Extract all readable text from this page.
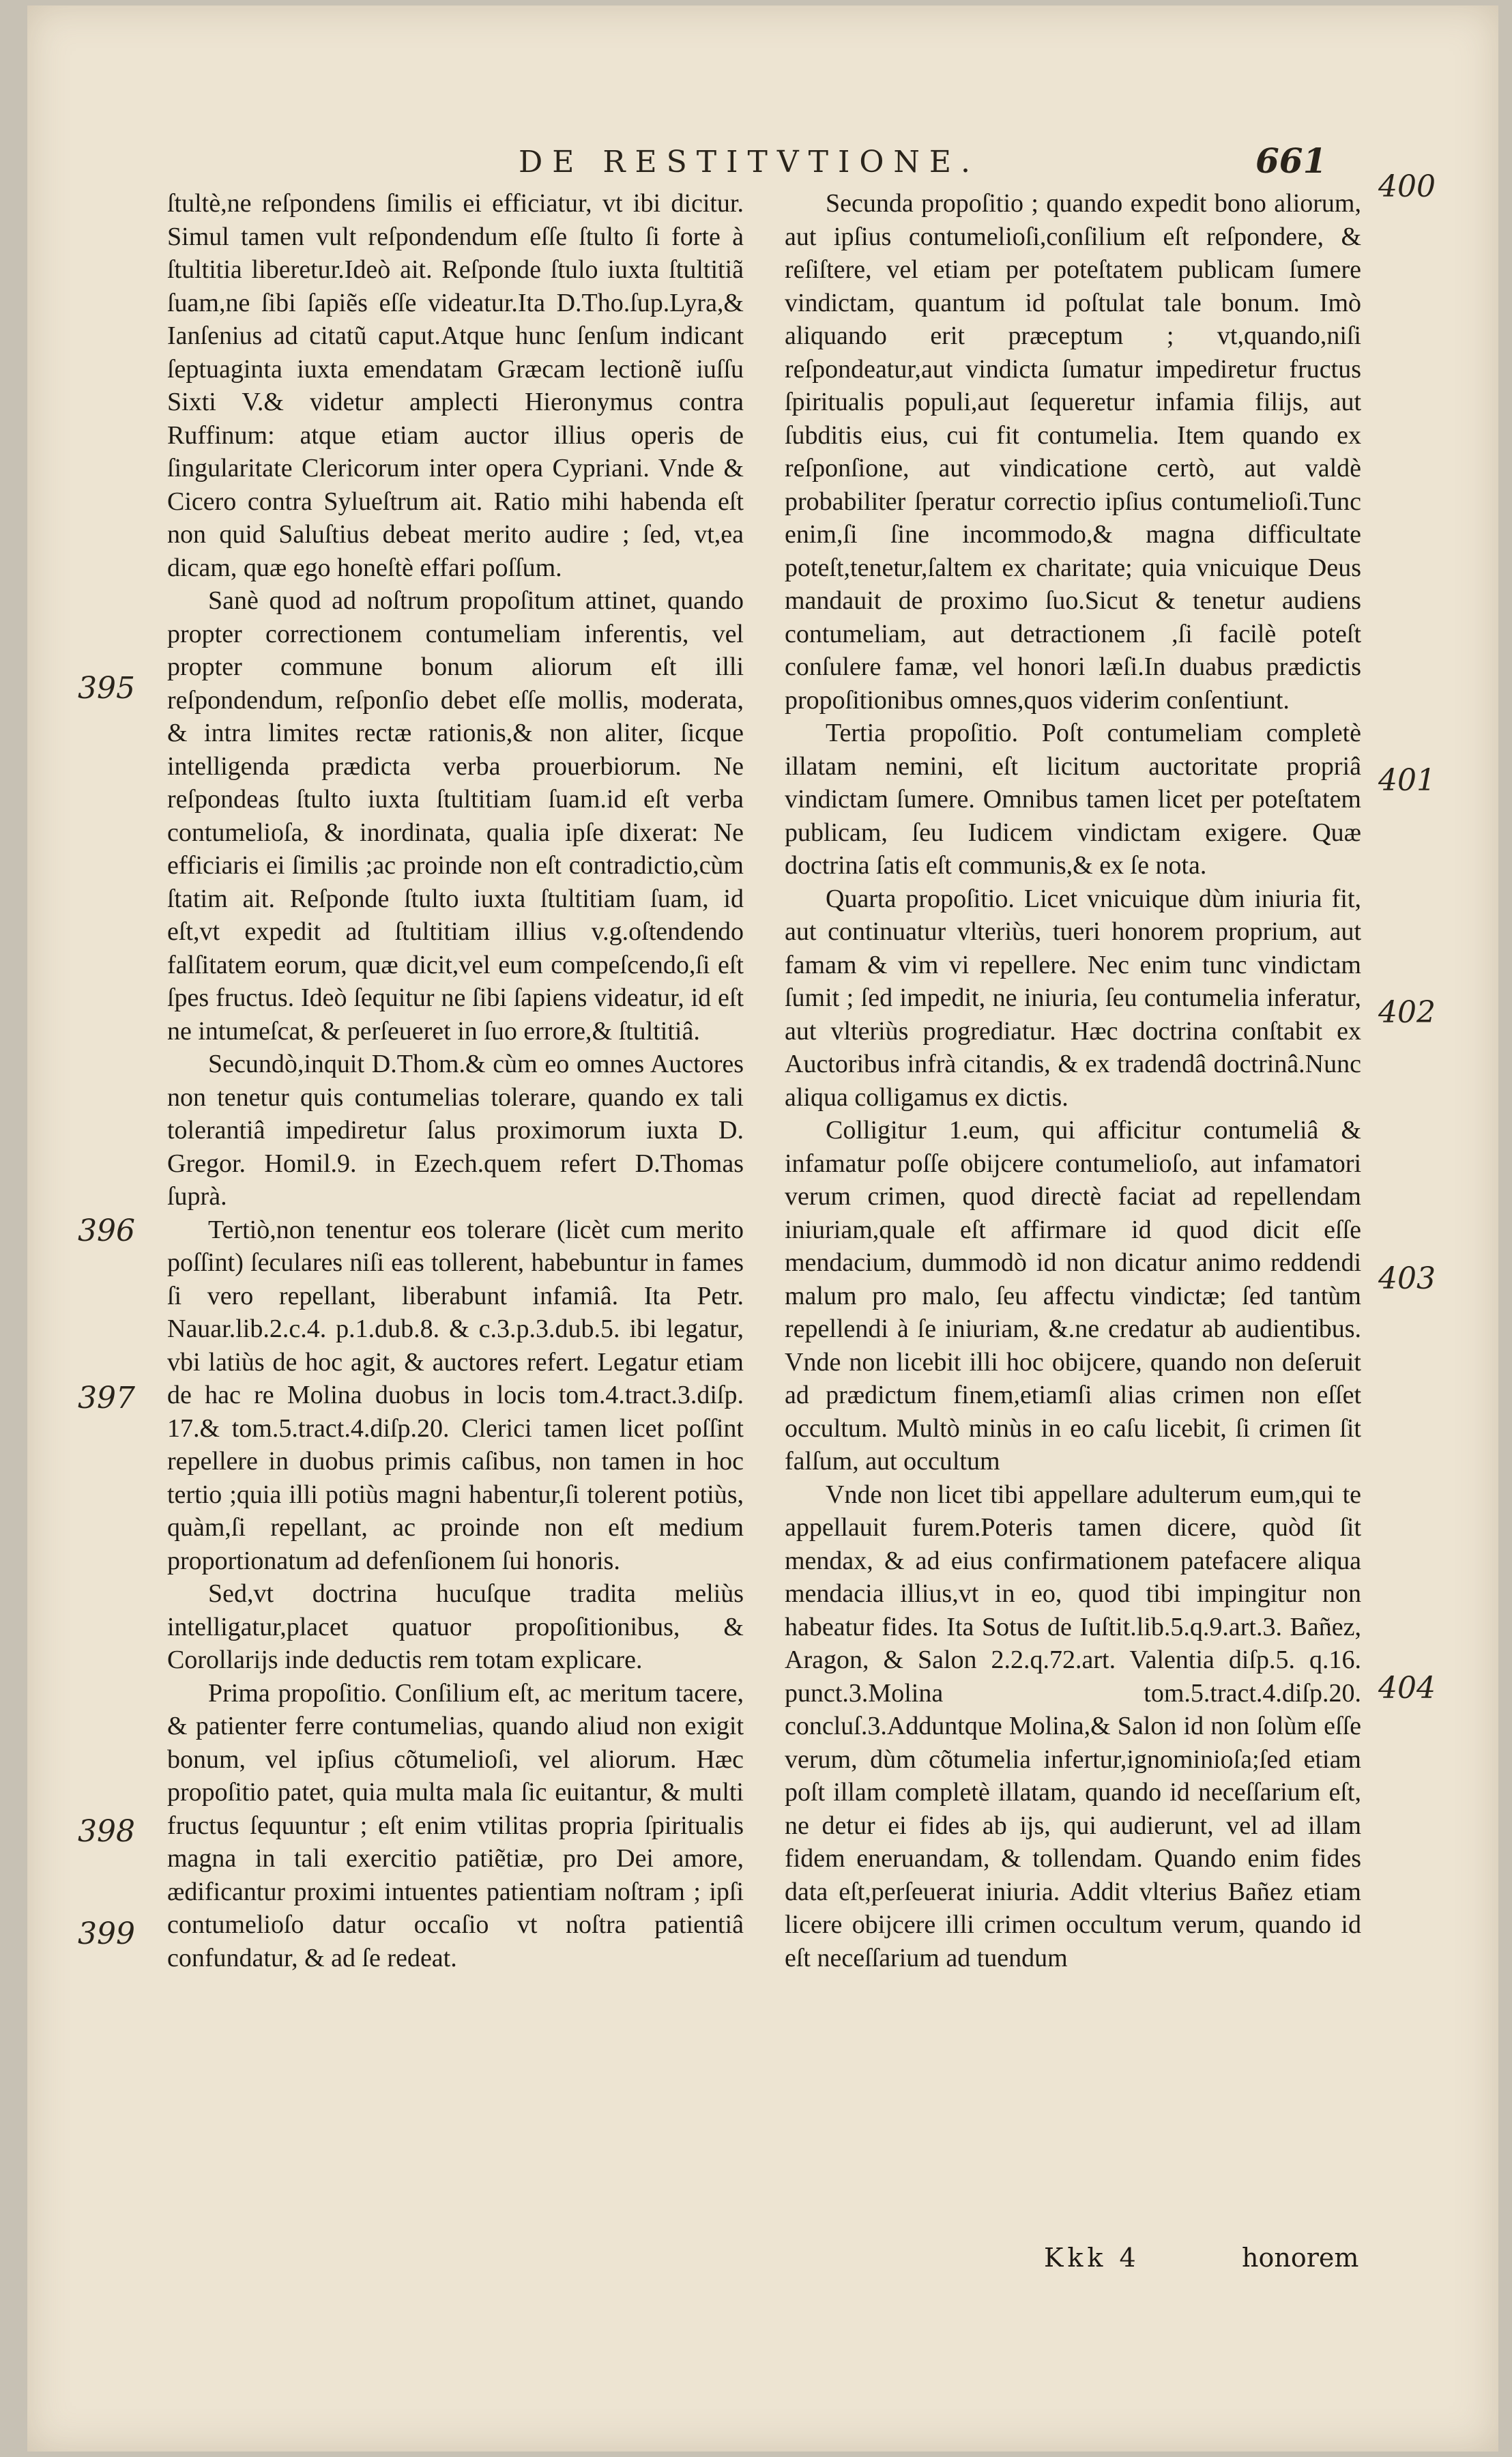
DE RESTITVTIONE.	661

ſtultè,ne reſpondens ſimilis ei efficiatur, vt ibi dicitur. Simul tamen vult reſpondendum eſſe ſtulto ſi forte à ſtultitia liberetur.Ideò ait. Reſponde ſtulo iuxta ſtultitiã ſuam,ne ſibi ſapiẽs eſſe videatur.Ita D.Tho.ſup.Lyra,& Ianſenius ad citatũ caput.Atque hunc ſenſum indicant ſeptuaginta iuxta emendatam Græcam lectionẽ iuſſu Sixti V.& videtur amplecti Hieronymus contra Ruffinum: atque etiam auctor illius operis de ſingularitate Clericorum inter opera Cypriani. Vnde & Cicero contra Sylueſtrum ait. Ratio mihi habenda eſt non quid Saluſtius debeat merito audire ; ſed, vt,ea dicam, quæ ego honeſtè effari poſſum.

Sanè quod ad noſtrum propoſitum attinet, quando propter correctionem contumeliam inferentis, vel propter commune bonum aliorum eſt illi reſpondendum, reſponſio debet eſſe mollis, moderata, & intra limites rectæ rationis,& non aliter, ſicque intelligenda prædicta verba prouerbiorum. Ne reſpondeas ſtulto iuxta ſtultitiam ſuam.id eſt verba contumelioſa, & inordinata, qualia ipſe dixerat: Ne efficiaris ei ſimilis ;ac proinde non eſt contradictio,cùm ſtatim ait. Reſponde ſtulto iuxta ſtultitiam ſuam, id eſt,vt expedit ad ſtultitiam illius v.g.oſtendendo falſitatem eorum, quæ dicit,vel eum compeſcendo,ſi eſt ſpes fructus. Ideò ſequitur ne ſibi ſapiens videatur, id eſt ne intumeſcat, & perſeueret in ſuo errore,& ſtultitiâ.

Secundò,inquit D.Thom.& cùm eo omnes Auctores non tenetur quis contumelias tolerare, quando ex tali tolerantiâ impediretur ſalus proximorum iuxta D. Gregor. Homil.9. in Ezech.quem refert D.Thomas ſuprà.

Tertiò,non tenentur eos tolerare (licèt cum merito poſſint) ſeculares niſi eas tollerent, habebuntur in fames ſi vero repellant, liberabunt infamiâ. Ita Petr. Nauar.lib.2.c.4. p.1.dub.8. & c.3.p.3.dub.5. ibi legatur, vbi latiùs de hoc agit, & auctores refert. Legatur etiam de hac re Molina duobus in locis tom.4.tract.3.diſp. 17.& tom.5.tract.4.diſp.20. Clerici tamen licet poſſint repellere in duobus primis caſibus, non tamen in hoc tertio ;quia illi potiùs magni habentur,ſi tolerent potiùs, quàm,ſi repellant, ac proinde non eſt medium proportionatum ad defenſionem ſui honoris.

Sed,vt doctrina hucuſque tradita meliùs intelligatur,placet quatuor propoſitionibus, & Corollarijs inde deductis rem totam explicare.

Prima propoſitio. Conſilium eſt, ac meritum tacere, & patienter ferre contumelias, quando aliud non exigit bonum, vel ipſius cõtumelioſi, vel aliorum. Hæc propoſitio patet, quia multa mala ſic euitantur, & multi fructus ſequuntur ; eſt enim vtilitas propria ſpiritualis magna in tali exercitio patiẽtiæ, pro Dei amore, ædificantur proximi intuentes patientiam noſtram ; ipſi contumelioſo datur occaſio vt noſtra patientiâ confundatur, & ad ſe redeat.

Secunda propoſitio ; quando expedit bono aliorum, aut ipſius contumelioſi,conſilium eſt reſpondere, & reſiſtere, vel etiam per poteſtatem publicam ſumere vindictam, quantum id poſtulat tale bonum. Imò aliquando erit præceptum ; vt,quando,niſi reſpondeatur,aut vindicta ſumatur impediretur fructus ſpiritualis populi,aut ſequeretur infamia filijs, aut ſubditis eius, cui fit contumelia. Item quando ex reſponſione, aut vindicatione certò, aut valdè probabiliter ſperatur correctio ipſius contumelioſi.Tunc enim,ſi ſine incommodo,& magna difficultate poteſt,tenetur,ſaltem ex charitate; quia vnicuique Deus mandauit de proximo ſuo.Sicut & tenetur audiens contumeliam, aut detractionem ,ſi facilè poteſt conſulere famæ, vel honori læſi.In duabus prædictis propoſitionibus omnes,quos viderim conſentiunt.

Tertia propoſitio. Poſt contumeliam completè illatam nemini, eſt licitum auctoritate propriâ vindictam ſumere. Omnibus tamen licet per poteſtatem publicam, ſeu Iudicem vindictam exigere. Quæ doctrina ſatis eſt communis,& ex ſe nota.

Quarta propoſitio. Licet vnicuique dùm iniuria fit, aut continuatur vlteriùs, tueri honorem proprium, aut famam & vim vi repellere. Nec enim tunc vindictam ſumit ; ſed impedit, ne iniuria, ſeu contumelia inferatur, aut vlteriùs progrediatur. Hæc doctrina conſtabit ex Auctoribus infrà citandis, & ex tradendâ doctrinâ.Nunc aliqua colligamus ex dictis.

Colligitur 1.eum, qui afficitur contumeliâ & infamatur poſſe obijcere contumelioſo, aut infamatori verum crimen, quod directè faciat ad repellendam iniuriam,quale eſt affirmare id quod dicit eſſe mendacium, dummodò id non dicatur animo reddendi malum pro malo, ſeu affectu vindictæ; ſed tantùm repellendi à ſe iniuriam, &.ne credatur ab audientibus. Vnde non licebit illi hoc obijcere, quando non deſeruit ad prædictum finem,etiamſi alias crimen non eſſet occultum. Multò minùs in eo caſu licebit, ſi crimen ſit falſum, aut occultum

Vnde non licet tibi appellare adulterum eum,qui te appellauit furem.Poteris tamen dicere, quòd ſit mendax, & ad eius confirmationem patefacere aliqua mendacia illius,vt in eo, quod tibi impingitur non habeatur fides. Ita Sotus de Iuſtit.lib.5.q.9.art.3. Bañez, Aragon, & Salon 2.2.q.72.art. Valentia diſp.5. q.16. punct.3.Molina tom.5.tract.4.diſp.20. concluſ.3.Adduntque Molina,& Salon id non ſolùm eſſe verum, dùm cõtumelia infertur,ignominioſa;ſed etiam poſt illam completè illatam, quando id neceſſarium eſt, ne detur ei fides ab ijs, qui audierunt, vel ad illam fidem eneruandam, & tollendam. Quando enim fides data eſt,perſeuerat iniuria. Addit vlterius Bañez etiam licere obijcere illi crimen occultum verum, quando id eſt neceſſarium ad tuendum

395
396
397
398
399
400
401
402
403
404
Kkk 4	honorem
